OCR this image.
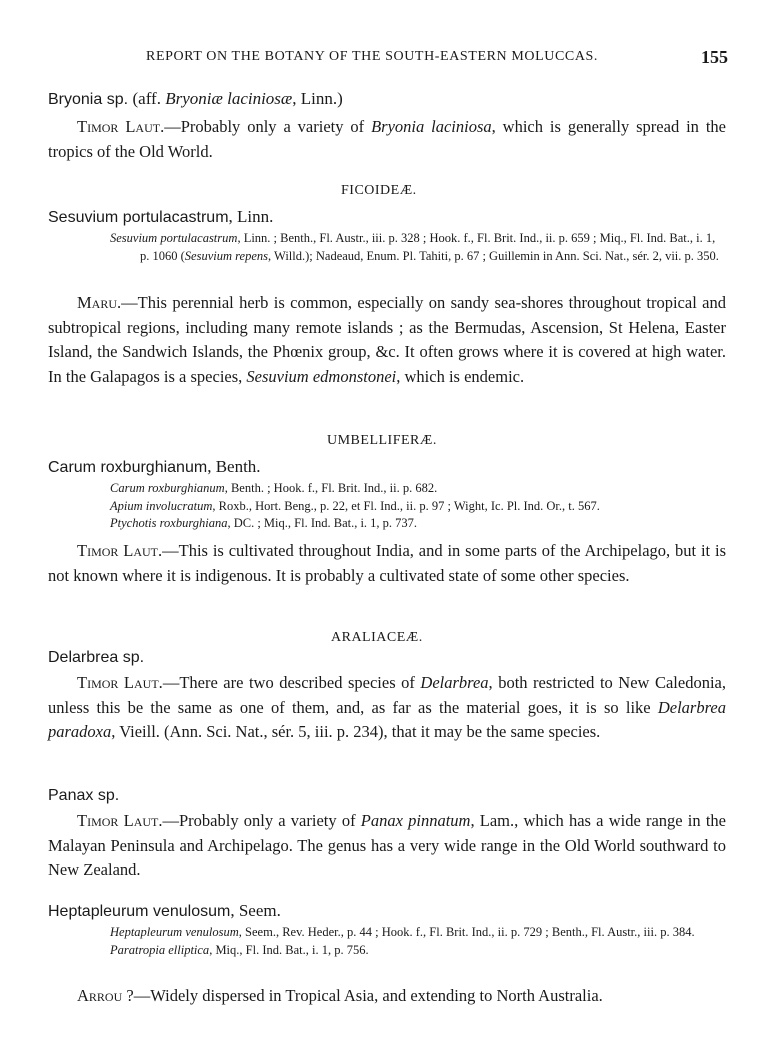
REPORT ON THE BOTANY OF THE SOUTH-EASTERN MOLUCCAS.	155
Bryonia sp. (aff. Bryoniæ laciniosæ, Linn.)

Timor Laut.—Probably only a variety of Bryonia laciniosa, which is generally spread in the tropics of the Old World.

FICOIDEÆ.
Sesuvium portulacastrum, Linn.

Sesuvium portulacastrum, Linn. ; Benth., Fl. Austr., iii. p. 328 ; Hook. f., Fl. Brit. Ind., ii. p. 659 ; Miq., Fl. Ind. Bat., i. 1, p. 1060 (Sesuvium repens, Willd.); Nadeaud, Enum. Pl. Tahiti, p. 67 ; Guillemin in Ann. Sci. Nat., sér. 2, vii. p. 350.

Maru.—This perennial herb is common, especially on sandy sea-shores throughout tropical and subtropical regions, including many remote islands ; as the Bermudas, Ascension, St Helena, Easter Island, the Sandwich Islands, the Phœnix group, &c. It often grows where it is covered at high water. In the Galapagos is a species, Sesuvium edmonstonei, which is endemic.

UMBELLIFERÆ.
Carum roxburghianum, Benth.

Carum roxburghianum, Benth. ; Hook. f., Fl. Brit. Ind., ii. p. 682.

Apium involucratum, Roxb., Hort. Beng., p. 22, et Fl. Ind., ii. p. 97 ; Wight, Ic. Pl. Ind. Or., t. 567.

Ptychotis roxburghiana, DC. ; Miq., Fl. Ind. Bat., i. 1, p. 737.

Timor Laut.—This is cultivated throughout India, and in some parts of the Archipelago, but it is not known where it is indigenous. It is probably a cultivated state of some other species.

ARALIACEÆ.
Delarbrea sp.

Timor Laut.—There are two described species of Delarbrea, both restricted to New Caledonia, unless this be the same as one of them, and, as far as the material goes, it is so like Delarbrea paradoxa, Vieill. (Ann. Sci. Nat., sér. 5, iii. p. 234), that it may be the same species.

Panax sp.

Timor Laut.—Probably only a variety of Panax pinnatum, Lam., which has a wide range in the Malayan Peninsula and Archipelago. The genus has a very wide range in the Old World southward to New Zealand.

Heptapleurum venulosum, Seem.

Heptapleurum venulosum, Seem., Rev. Heder., p. 44 ; Hook. f., Fl. Brit. Ind., ii. p. 729 ; Benth., Fl. Austr., iii. p. 384.

Paratropia elliptica, Miq., Fl. Ind. Bat., i. 1, p. 756.

Arrou ?—Widely dispersed in Tropical Asia, and extending to North Australia.
